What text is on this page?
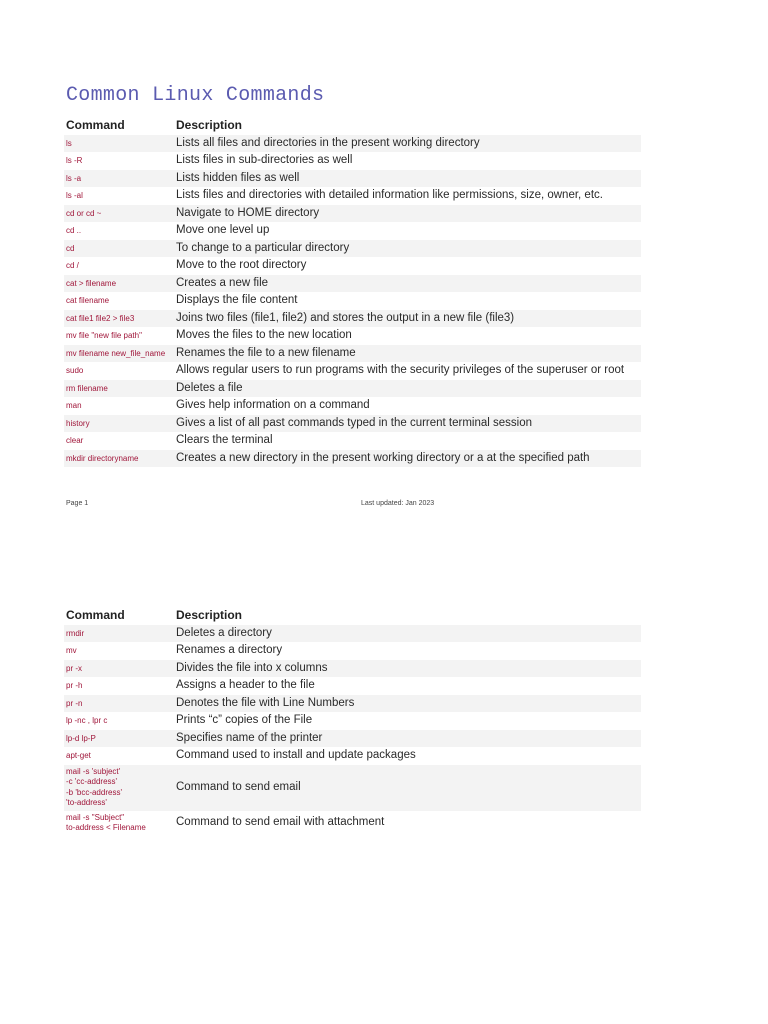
Common Linux Commands
Command	Description
ls	Lists all files and directories in the present working directory
ls -R	Lists files in sub-directories as well
ls -a	Lists hidden files as well
ls -al	Lists files and directories with detailed information like permissions, size, owner, etc.
cd or cd ~	Navigate to HOME directory
cd ..	Move one level up
cd	To change to a particular directory
cd /	Move to the root directory
cat > filename	Creates a new file
cat filename	Displays the file content
cat file1 file2 > file3	Joins two files (file1, file2) and stores the output in a new file (file3)
mv file "new file path"	Moves the files to the new location
mv filename new_file_name	Renames the file to a new filename
sudo	Allows regular users to run programs with the security privileges of the superuser or root
rm filename	Deletes a file
man	Gives help information on a command
history	Gives a list of all past commands typed in the current terminal session
clear	Clears the terminal
mkdir directoryname	Creates a new directory in the present working directory or a at the specified path
Page 1	Last updated: Jan 2023
Command	Description
rmdir	Deletes a directory
mv	Renames a directory
pr -x	Divides the file into x columns
pr -h	Assigns a header to the file
pr -n	Denotes the file with Line Numbers
lp -nc , lpr c	Prints “c” copies of the File
lp-d lp-P	Specifies name of the printer
apt-get	Command used to install and update packages
mail -s 'subject'
-c 'cc-address'
-b 'bcc-address'
'to-address'	Command to send email
mail -s "Subject"
to-address < Filename	Command to send email with attachment
